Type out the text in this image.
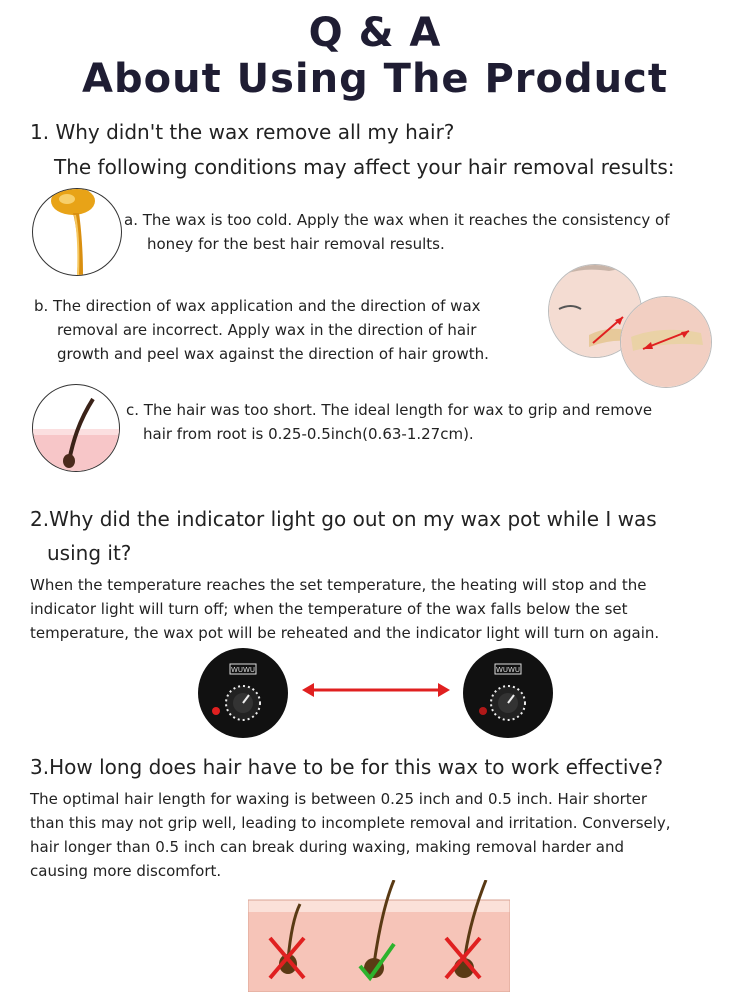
Q & A
About Using The Product
1. Why didn't the wax remove all my hair?
The following conditions may affect your hair removal results:
a. The wax is too cold. Apply the wax when it reaches the consistency of
honey for the best hair removal results.
b. The direction of wax application and the direction of wax
removal are incorrect. Apply wax in the direction of hair
growth and peel wax against the direction of hair growth.
c. The hair was too short. The ideal length for wax to grip and remove
hair from root is 0.25-0.5inch(0.63-1.27cm).
2.Why did the indicator light go out on my wax pot while I was
using it?
When the temperature reaches the set temperature, the heating will stop and the
indicator light will turn off; when the temperature of the wax falls below the set
temperature, the wax pot will be reheated and the indicator light will turn on again.
WUWU	WUWU
3.How long does hair have to be for this wax to work effective?
The optimal hair length for waxing is between 0.25 inch and 0.5 inch. Hair shorter
than this may not grip well, leading to incomplete removal and irritation. Conversely,
hair longer than 0.5 inch can break during waxing, making removal harder and
causing more discomfort.
